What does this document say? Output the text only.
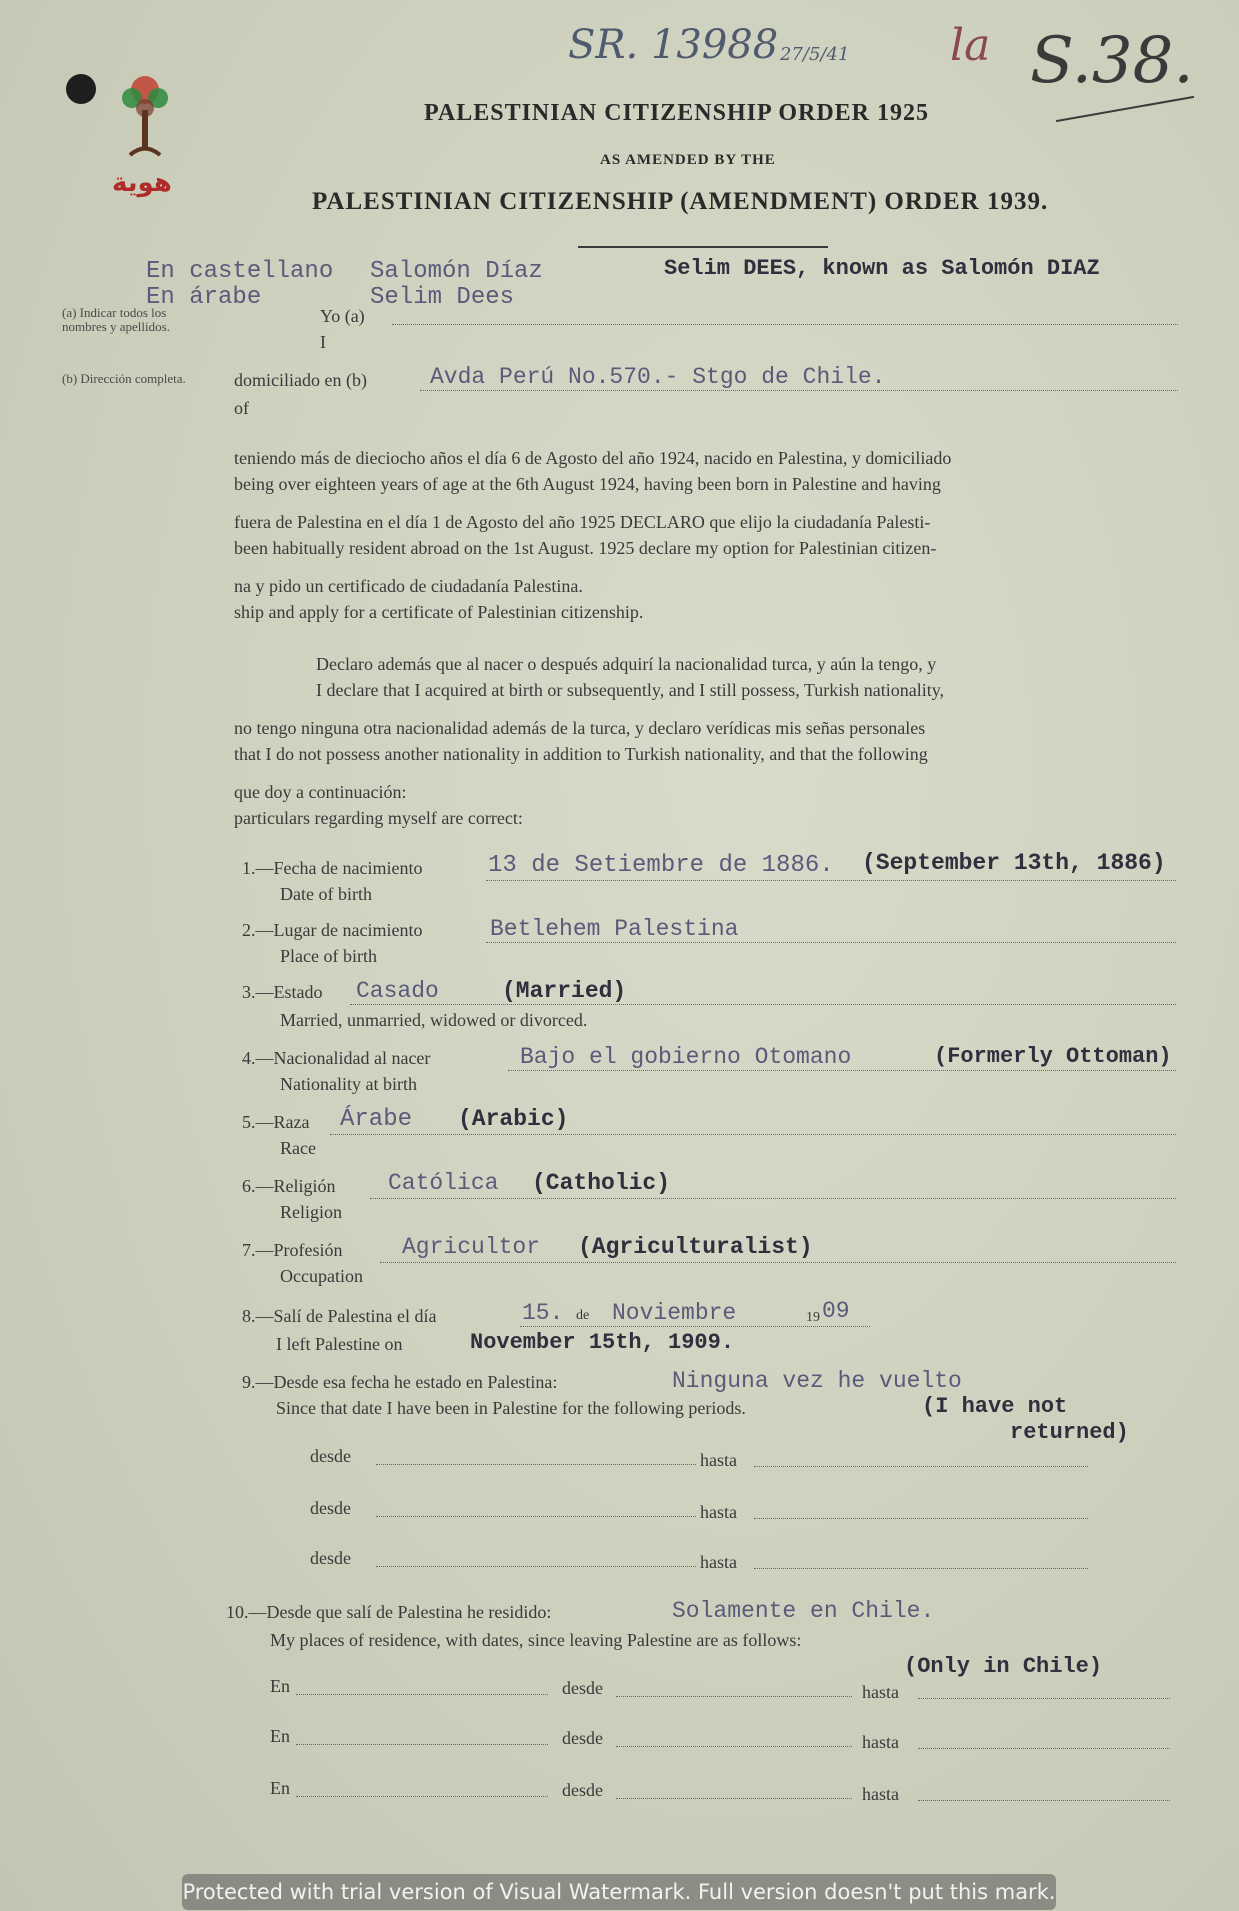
هوية
SR. 13988 27/5/41 la S.38.
PALESTINIAN CITIZENSHIP ORDER 1925
AS AMENDED BY THE
PALESTINIAN CITIZENSHIP (AMENDMENT) ORDER 1939.
En castellano Salomón Díaz
En árabe	Selim Dees
Selim DEES, known as Salomón DIAZ
(a) Indicar todos los nombres y apellidos.
(b) Dirección completa.
Yo (a)
I
domiciliado en (b)
of
Avda Perú No.570.- Stgo de Chile.
teniendo más de dieciocho años el día 6 de Agosto del año 1924, nacido en Palestina, y domiciliado
being over eighteen years of age at the 6th August 1924, having been born in Palestine and having
fuera de Palestina en el día 1 de Agosto del año 1925 DECLARO que elijo la ciudadanía Palesti-
been habitually resident abroad on the 1st August. 1925 declare my option for Palestinian citizen-
na y pido un certificado de ciudadanía Palestina.
ship and apply for a certificate of Palestinian citizenship.
Declaro además que al nacer o después adquirí la nacionalidad turca, y aún la tengo, y
I declare that I acquired at birth or subsequently, and I still possess, Turkish nationality,
no tengo ninguna otra nacionalidad además de la turca, y declaro verídicas mis señas personales
that I do not possess another nationality in addition to Turkish nationality, and that the following
que doy a continuación:
particulars regarding myself are correct:
1.—Fecha de nacimiento
Date of birth
13 de Setiembre de 1886. (September 13th, 1886)
2.—Lugar de nacimiento
Place of birth
Betlehem Palestina
3.—Estado
Married, unmarried, widowed or divorced.
Casado	(Married)
4.—Nacionalidad al nacer
Nationality at birth
Bajo el gobierno Otomano	(Formerly Ottoman)
5.—Raza
Race
Árabe (Arabic)
6.—Religión
Religion
Católica (Catholic)
7.—Profesión
Occupation
Agricultor (Agriculturalist)
8.—Salí de Palestina el día	15. de Noviembre	19 09
I left Palestine on	November 15th, 1909.
9.—Desde esa fecha he estado en Palestina:	Ninguna vez he vuelto
Since that date I have been in Palestine for the following periods.	(I have not
returned)
desde	hasta
desde	hasta
desde	hasta
10.—Desde que salí de Palestina he residido:	Solamente en Chile.
My places of residence, with dates, since leaving Palestine are as follows:
(Only in Chile)
En	desde	hasta
En	desde	hasta
En	desde	hasta
Protected with trial version of Visual Watermark. Full version doesn't put this mark.
